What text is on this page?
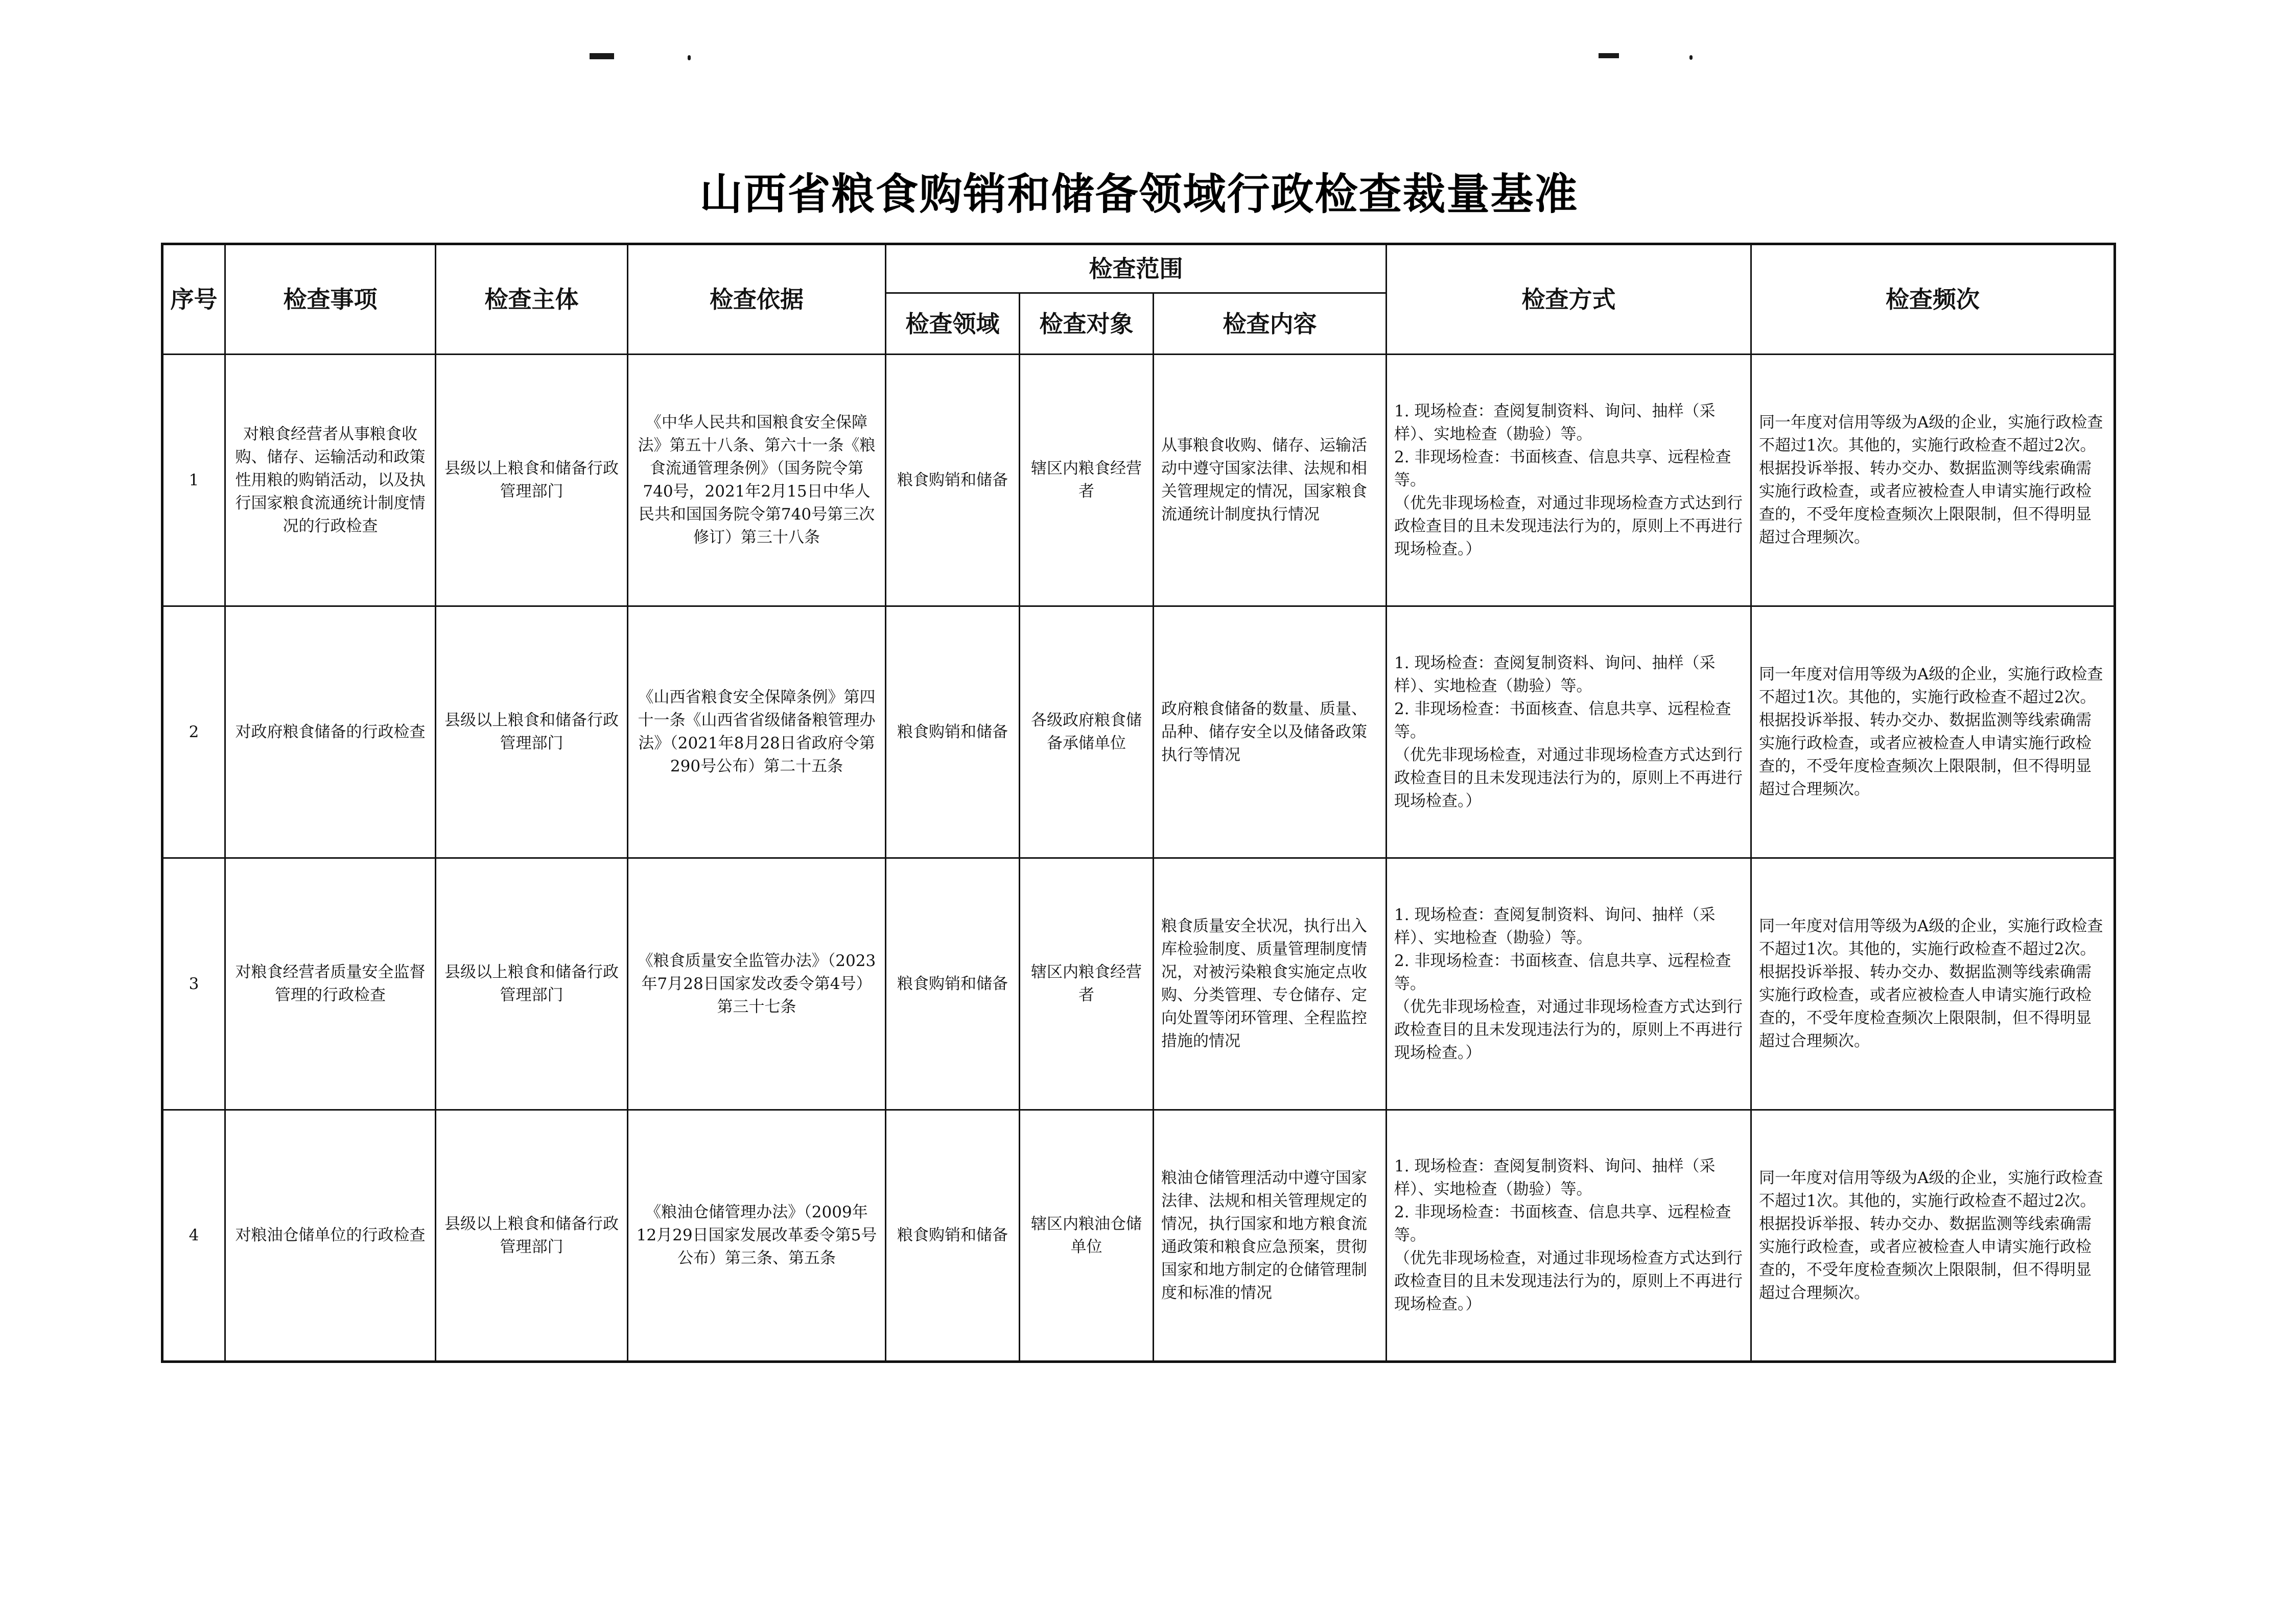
山西省粮食购销和储备领域行政检查裁量基准
序号	检查事项	检查主体	检查依据	检查范围			检查方式	检查频次
				检查领域	检查对象	检查内容		
1	对粮食经营者从事粮食收购、储存、运输活动和政策性用粮的购销活动，以及执行国家粮食流通统计制度情况的行政检查	县级以上粮食和储备行政管理部门	《中华人民共和国粮食安全保障法》第五十八条、第六十一条《粮食流通管理条例》（国务院令第740号，2021年2月15日中华人民共和国国务院令第740号第三次修订）第三十八条	粮食购销和储备	辖区内粮食经营者	从事粮食收购、储存、运输活动中遵守国家法律、法规和相关管理规定的情况，国家粮食流通统计制度执行情况	1. 现场检查：查阅复制资料、询问、抽样（采样）、实地检查（勘验）等。
2. 非现场检查：书面核查、信息共享、远程检查等。
（优先非现场检查，对通过非现场检查方式达到行政检查目的且未发现违法行为的，原则上不再进行现场检查。）	同一年度对信用等级为A级的企业，实施行政检查不超过1次。其他的，实施行政检查不超过2次。
根据投诉举报、转办交办、数据监测等线索确需实施行政检查，或者应被检查人申请实施行政检查的，不受年度检查频次上限限制，但不得明显超过合理频次。

2	对政府粮食储备的行政检查	县级以上粮食和储备行政管理部门	《山西省粮食安全保障条例》第四十一条《山西省省级储备粮管理办法》（2021年8月28日省政府令第290号公布）第二十五条	粮食购销和储备	各级政府粮食储备承储单位	政府粮食储备的数量、质量、品种、储存安全以及储备政策执行等情况	1. 现场检查：查阅复制资料、询问、抽样（采样）、实地检查（勘验）等。
2. 非现场检查：书面核查、信息共享、远程检查等。
（优先非现场检查，对通过非现场检查方式达到行政检查目的且未发现违法行为的，原则上不再进行现场检查。）	同一年度对信用等级为A级的企业，实施行政检查不超过1次。其他的，实施行政检查不超过2次。
根据投诉举报、转办交办、数据监测等线索确需实施行政检查，或者应被检查人申请实施行政检查的，不受年度检查频次上限限制，但不得明显超过合理频次。

3	对粮食经营者质量安全监督管理的行政检查	县级以上粮食和储备行政管理部门	《粮食质量安全监管办法》（2023年7月28日国家发改委令第4号）第三十七条	粮食购销和储备	辖区内粮食经营者	粮食质量安全状况，执行出入库检验制度、质量管理制度情况，对被污染粮食实施定点收购、分类管理、专仓储存、定向处置等闭环管理、全程监控措施的情况	1. 现场检查：查阅复制资料、询问、抽样（采样）、实地检查（勘验）等。
2. 非现场检查：书面核查、信息共享、远程检查等。
（优先非现场检查，对通过非现场检查方式达到行政检查目的且未发现违法行为的，原则上不再进行现场检查。）	同一年度对信用等级为A级的企业，实施行政检查不超过1次。其他的，实施行政检查不超过2次。
根据投诉举报、转办交办、数据监测等线索确需实施行政检查，或者应被检查人申请实施行政检查的，不受年度检查频次上限限制，但不得明显超过合理频次。

4	对粮油仓储单位的行政检查	县级以上粮食和储备行政管理部门	《粮油仓储管理办法》（2009年12月29日国家发展改革委令第5号公布）第三条、第五条	粮食购销和储备	辖区内粮油仓储单位	粮油仓储管理活动中遵守国家法律、法规和相关管理规定的情况，执行国家和地方粮食流通政策和粮食应急预案，贯彻国家和地方制定的仓储管理制度和标准的情况	1. 现场检查：查阅复制资料、询问、抽样（采样）、实地检查（勘验）等。
2. 非现场检查：书面核查、信息共享、远程检查等。
（优先非现场检查，对通过非现场检查方式达到行政检查目的且未发现违法行为的，原则上不再进行现场检查。）	同一年度对信用等级为A级的企业，实施行政检查不超过1次。其他的，实施行政检查不超过2次。
根据投诉举报、转办交办、数据监测等线索确需实施行政检查，或者应被检查人申请实施行政检查的，不受年度检查频次上限限制，但不得明显超过合理频次。
